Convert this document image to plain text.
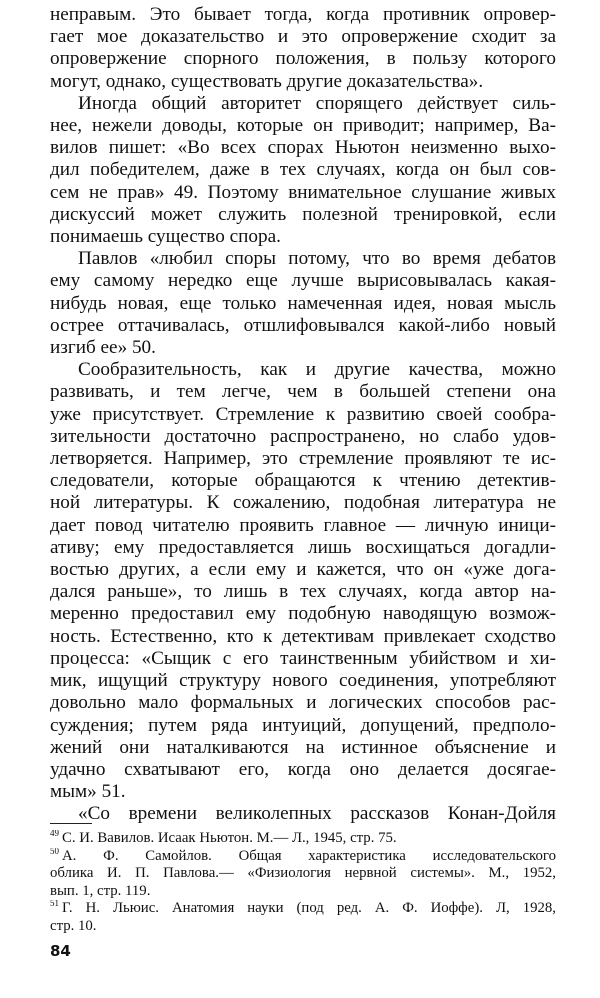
неправым. Это бывает тогда, когда противник опровер-
гает мое доказательство и это опровержение сходит за
опровержение спорного положения, в пользу которого
могут, однако, существовать другие доказательства».
Иногда общий авторитет спорящего действует силь-
нее, нежели доводы, которые он приводит; например, Ва-
вилов пишет: «Во всех спорах Ньютон неизменно выхо-
дил победителем, даже в тех случаях, когда он был сов-
сем не прав» 49. Поэтому внимательное слушание живых
дискуссий может служить полезной тренировкой, если
понимаешь существо спора.
Павлов «любил споры потому, что во время дебатов
ему самому нередко еще лучше вырисовывалась какая-
нибудь новая, еще только намеченная идея, новая мысль
острее оттачивалась, отшлифовывался какой-либо новый
изгиб ее» 50.
Сообразительность, как и другие качества, можно
развивать, и тем легче, чем в большей степени она
уже присутствует. Стремление к развитию своей сообра-
зительности достаточно распространено, но слабо удов-
летворяется. Например, это стремление проявляют те ис-
следователи, которые обращаются к чтению детектив-
ной литературы. К сожалению, подобная литература не
дает повод читателю проявить главное — личную иници-
ативу; ему предоставляется лишь восхищаться догадли-
востью других, а если ему и кажется, что он «уже дога-
дался раньше», то лишь в тех случаях, когда автор на-
меренно предоставил ему подобную наводящую возмож-
ность. Естественно, кто к детективам привлекает сходство
процесса: «Сыщик с его таинственным убийством и хи-
мик, ищущий структуру нового соединения, употребляют
довольно мало формальных и логических способов рас-
суждения; путем ряда интуиций, допущений, предполо-
жений они наталкиваются на истинное объяснение и
удачно схватывают его, когда оно делается досягае-
мым» 51.
«Со времени великолепных рассказов Конан-Дойля
$^{49}$ С. И. Вавилов. Исаак Ньютон. М.— Л., 1945, стр. 75.
$^{50}$ А. Ф. Самойлов. Общая характеристика исследовательского
облика И. П. Павлова.— «Физиология нервной системы». М., 1952,
вып. 1, стр. 119.
$^{51}$ Г. Н. Льюис. Анатомия науки (под ред. А. Ф. Иоффе). Л, 1928,
стр. 10.
84
